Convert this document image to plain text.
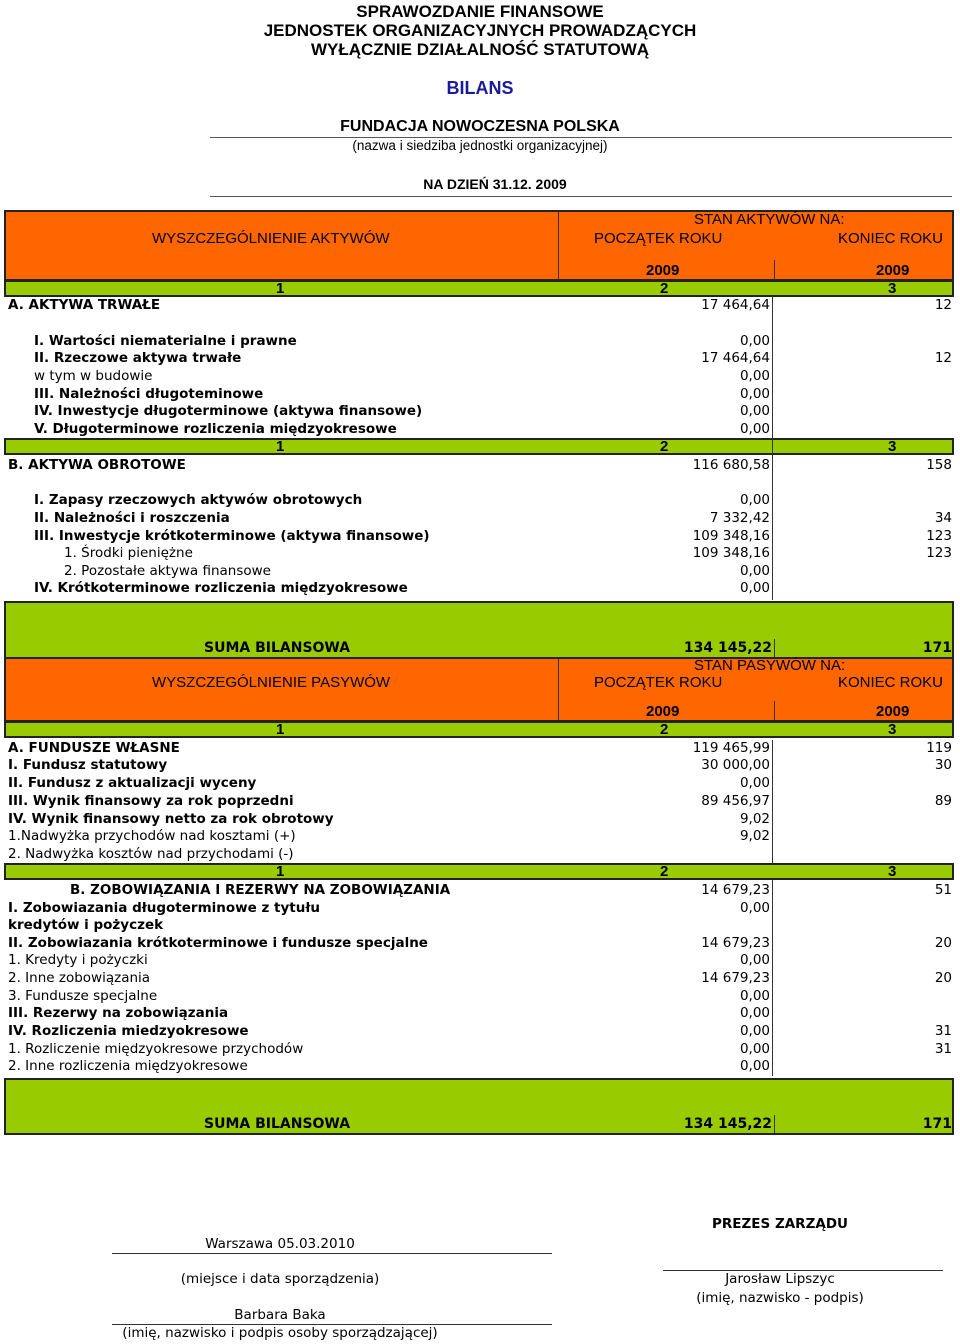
SPRAWOZDANIE FINANSOWE
JEDNOSTEK ORGANIZACYJNYCH PROWADZĄCYCH
WYŁĄCZNIE DZIAŁALNOŚĆ STATUTOWĄ
BILANS
FUNDACJA NOWOCZESNA POLSKA
(nazwa i siedziba jednostki organizacyjnej)
NA DZIEŃ 31.12. 2009
WYSZCZEGÓLNIENIE AKTYWÓW
STAN AKTYWÓW NA:
POCZĄTEK ROKU	KONIEC ROKU
2009	2009
1	2	3
A. AKTYWA TRWAŁE	17 464,64	12
I. Wartości niematerialne i prawne	0,00
II. Rzeczowe aktywa trwałe	17 464,64	12
w tym w budowie	0,00
III. Należności długoteminowe	0,00
IV. Inwestycje długoterminowe (aktywa finansowe)	0,00
V. Długoterminowe rozliczenia międzyokresowe	0,00
1	2	3
B. AKTYWA OBROTOWE	116 680,58	158
I. Zapasy rzeczowych aktywów obrotowych	0,00
II. Należności i roszczenia	7 332,42	34
III. Inwestycje krótkoterminowe (aktywa finansowe)	109 348,16	123
1. Środki pieniężne	109 348,16	123
2. Pozostałe aktywa finansowe	0,00
IV. Krótkoterminowe rozliczenia międzyokresowe	0,00
SUMA BILANSOWA	134 145,22	171
WYSZCZEGÓLNIENIE PASYWÓW
STAN PASYWÓW NA:
POCZĄTEK ROKU	KONIEC ROKU
2009	2009
1	2	3
A. FUNDUSZE WŁASNE	119 465,99	119
I. Fundusz statutowy	30 000,00	30
II. Fundusz z aktualizacji wyceny	0,00
III. Wynik finansowy za rok poprzedni	89 456,97	89
IV. Wynik finansowy netto za rok obrotowy	9,02
1.Nadwyżka przychodów nad kosztami (+)	9,02
2. Nadwyżka kosztów nad przychodami (-)
1	2	3
B. ZOBOWIĄZANIA I REZERWY NA ZOBOWIĄZANIA	14 679,23	51
I. Zobowiazania długoterminowe z tytułu	0,00
kredytów i pożyczek
II. Zobowiazania krótkoterminowe i fundusze specjalne	14 679,23	20
1. Kredyty i pożyczki	0,00
2. Inne zobowiązania	14 679,23	20
3. Fundusze specjalne	0,00
III. Rezerwy na zobowiązania	0,00
IV. Rozliczenia miedzyokresowe	0,00	31
1. Rozliczenie międzyokresowe przychodów	0,00	31
2. Inne rozliczenia międzyokresowe	0,00
SUMA BILANSOWA	134 145,22	171
Warszawa 05.03.2010
(miejsce i data sporządzenia)
Barbara Baka
(imię, nazwisko i podpis osoby sporządzającej)
PREZES ZARZĄDU
Jarosław Lipszyc
(imię, nazwisko - podpis)
